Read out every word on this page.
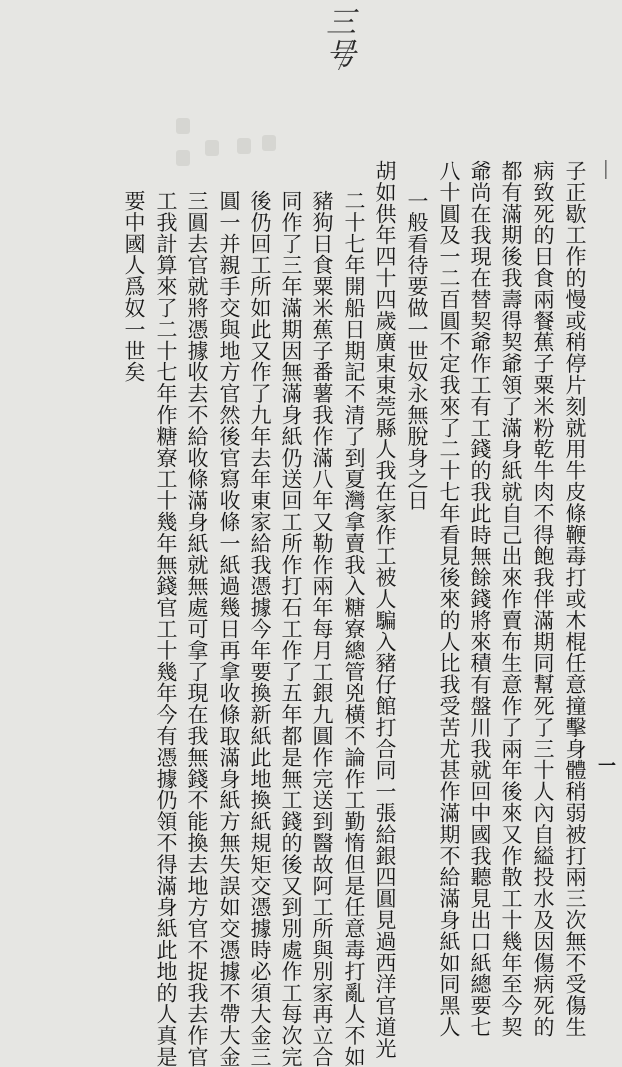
三号
│
一
子正歇工作的慢或稍停片刻就用牛皮條鞭毒打或木棍任意撞擊身體稍弱被打兩三次無不受傷生
病致死的日食兩餐蕉子粟米粉乾牛肉不得飽我伴滿期同幫死了三十人內自縊投水及因傷病死的
都有滿期後我壽得契爺領了滿身紙就自己出來作賣布生意作了兩年後來又作散工十幾年至今契
爺尚在我現在替契爺作工有工錢的我此時無餘錢將來積有盤川我就回中國我聽見出口紙總要七
八十圓及一二百圓不定我來了二十七年看見後來的人比我受苦尤甚作滿期不給滿身紙如同黑人
一般看待要做一世奴永無脫身之日
胡如供年四十四歲廣東東莞縣人我在家作工被人騙入豬仔館打合同一張給銀四圓見過西洋官道光
二十七年開船日期記不清了到夏灣拿賣我入糖寮總管兇橫不論作工勤惰但是任意毒打亂人不如
豬狗日食粟米蕉子番薯我作滿八年又勒作兩年每月工銀九圓作完送到醫故阿工所與別家再立合
同作了三年滿期因無滿身紙仍送回工所作打石工作了五年都是無工錢的後又到別處作工每次完
後仍回工所如此又作了九年去年東家給我憑據今年要換新紙此地換紙規矩交憑據時必須大金三
圓一并親手交與地方官然後官寫收條一紙過幾日再拿收條取滿身紙方無失誤如交憑據不帶大金
三圓去官就將憑據收去不給收條滿身紙就無處可拿了現在我無錢不能換去地方官不捉我去作官
工我計算來了二十七年作糖寮工十幾年無錢官工十幾年今有憑據仍領不得滿身紙此地的人真是
要中國人爲奴一世矣
